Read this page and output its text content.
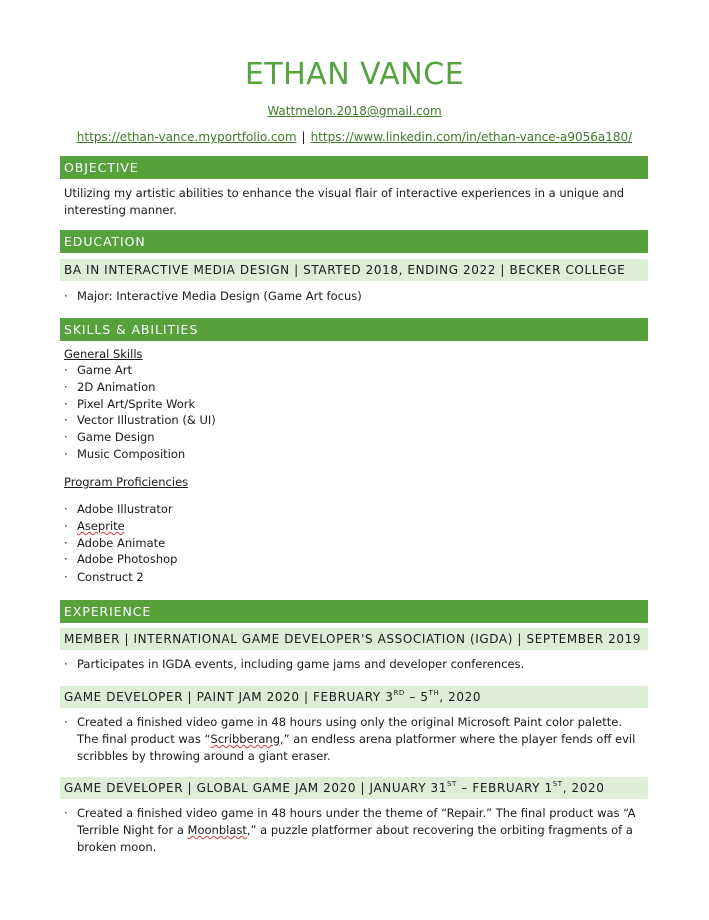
ETHAN VANCE
Wattmelon.2018@gmail.com
https://ethan-vance.myportfolio.com | https://www.linkedin.com/in/ethan-vance-a9056a180/
OBJECTIVE
Utilizing my artistic abilities to enhance the visual flair of interactive experiences in a unique and interesting manner.
EDUCATION
BA IN INTERACTIVE MEDIA DESIGN | STARTED 2018, ENDING 2022 | BECKER COLLEGE
· Major: Interactive Media Design (Game Art focus)
SKILLS & ABILITIES
General Skills
· Game Art
· 2D Animation
· Pixel Art/Sprite Work
· Vector Illustration (& UI)
· Game Design
· Music Composition
Program Proficiencies
· Adobe Illustrator
· Aseprite
· Adobe Animate
· Adobe Photoshop
· Construct 2
EXPERIENCE
MEMBER | INTERNATIONAL GAME DEVELOPER'S ASSOCIATION (IGDA) | SEPTEMBER 2019
· Participates in IGDA events, including game jams and developer conferences.
GAME DEVELOPER | PAINT JAM 2020 | FEBRUARY 3RD – 5TH, 2020
· Created a finished video game in 48 hours using only the original Microsoft Paint color palette. The final product was “Scribberang,” an endless arena platformer where the player fends off evil scribbles by throwing around a giant eraser.
GAME DEVELOPER | GLOBAL GAME JAM 2020 | JANUARY 31ST – FEBRUARY 1ST, 2020
· Created a finished video game in 48 hours under the theme of “Repair.” The final product was “A Terrible Night for a Moonblast,” a puzzle platformer about recovering the orbiting fragments of a broken moon.
